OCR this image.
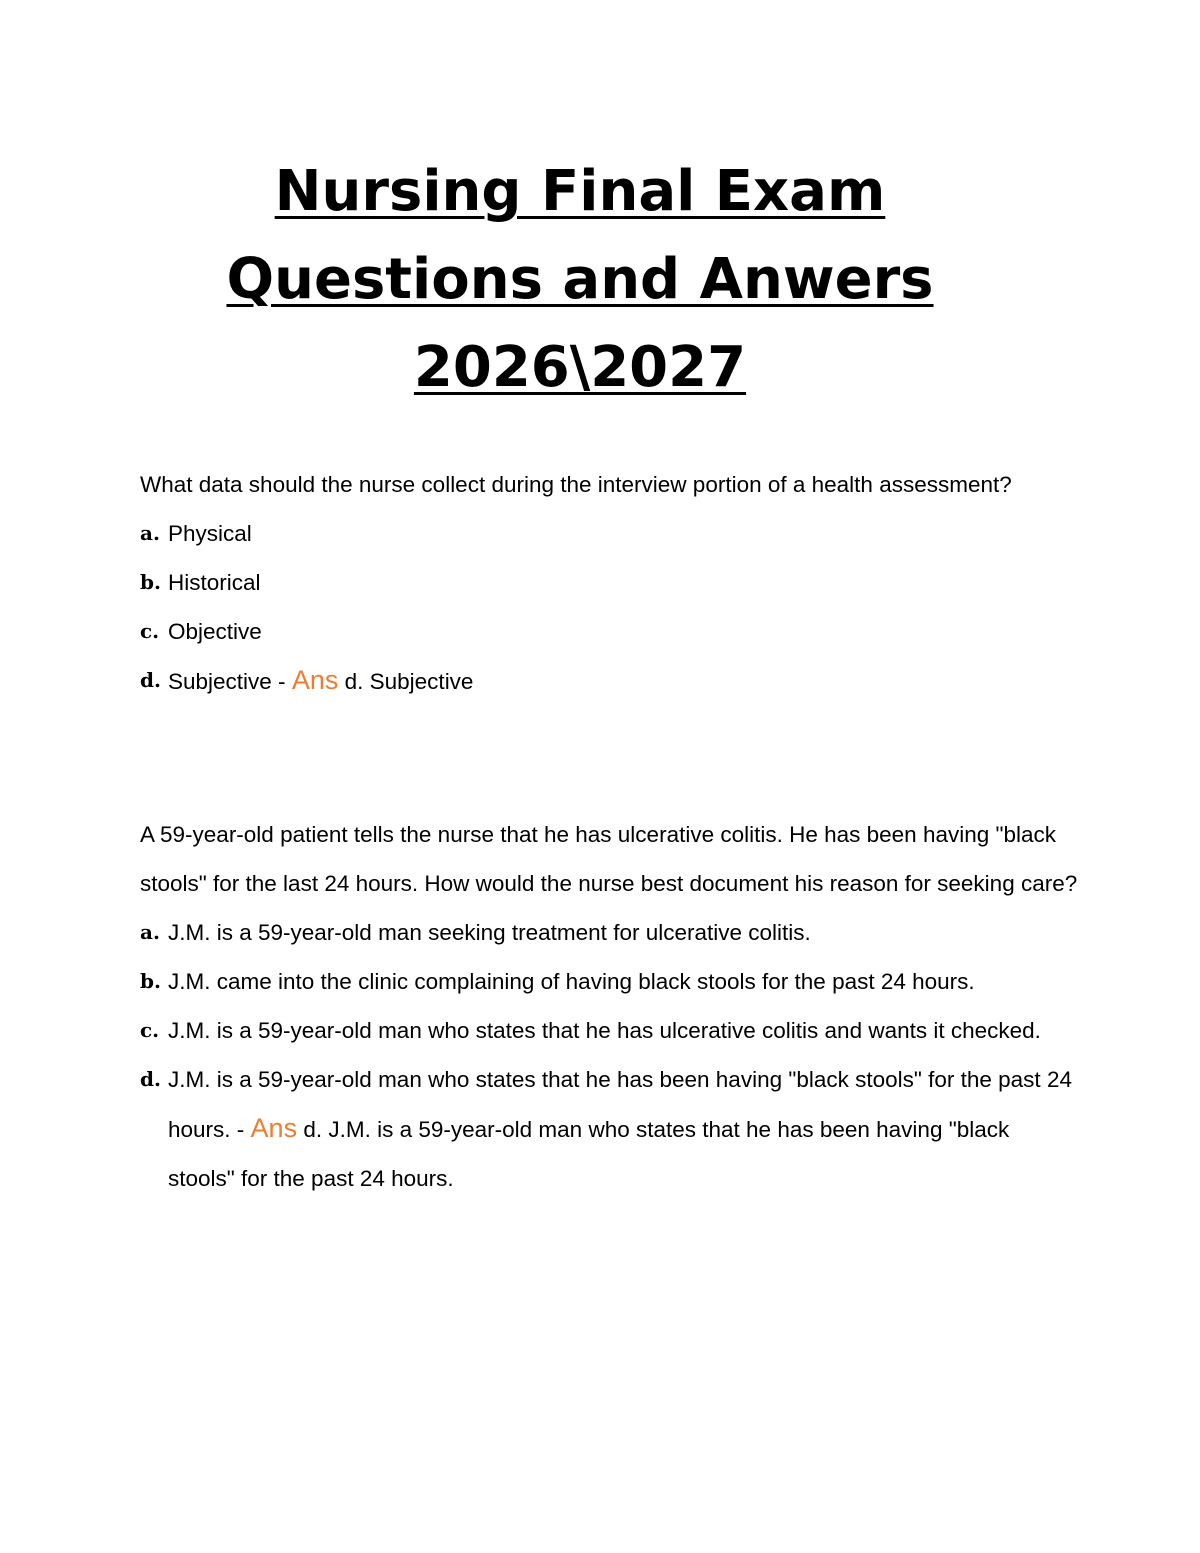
Nursing Final Exam
Questions and Anwers
2026\2027

What data should the nurse collect during the interview portion of a health assessment?

a. Physical

b. Historical

c. Objective

d. Subjective - Ans d. Subjective

A 59-year-old patient tells the nurse that he has ulcerative colitis. He has been having "black stools" for the last 24 hours. How would the nurse best document his reason for seeking care?

a. J.M. is a 59-year-old man seeking treatment for ulcerative colitis.

b. J.M. came into the clinic complaining of having black stools for the past 24 hours.

c. J.M. is a 59-year-old man who states that he has ulcerative colitis and wants it checked.

d. J.M. is a 59-year-old man who states that he has been having "black stools" for the past 24 hours. - Ans d. J.M. is a 59-year-old man who states that he has been having "black stools" for the past 24 hours.
